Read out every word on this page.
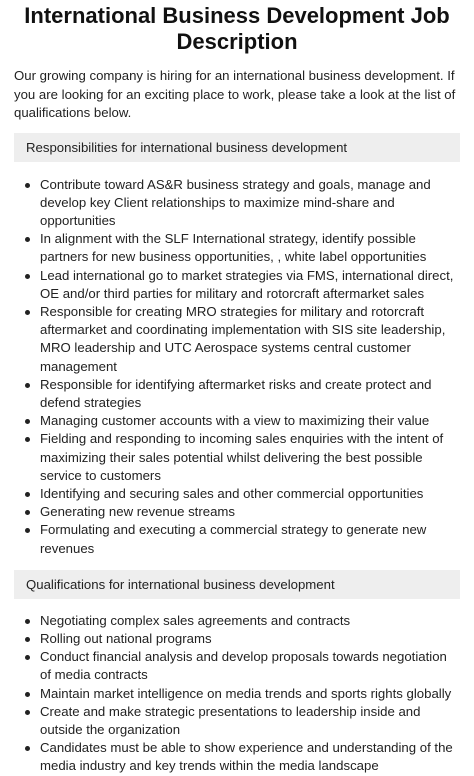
International Business Development Job Description

Our growing company is hiring for an international business development. If you are looking for an exciting place to work, please take a look at the list of qualifications below.

Responsibilities for international business development
Contribute toward AS&R business strategy and goals, manage and develop key Client relationships to maximize mind-share and opportunities
In alignment with the SLF International strategy, identify possible partners for new business opportunities, , white label opportunities
Lead international go to market strategies via FMS, international direct, OE and/or third parties for military and rotorcraft aftermarket sales
Responsible for creating MRO strategies for military and rotorcraft aftermarket and coordinating implementation with SIS site leadership, MRO leadership and UTC Aerospace systems central customer management
Responsible for identifying aftermarket risks and create protect and defend strategies
Managing customer accounts with a view to maximizing their value
Fielding and responding to incoming sales enquiries with the intent of maximizing their sales potential whilst delivering the best possible service to customers
Identifying and securing sales and other commercial opportunities
Generating new revenue streams
Formulating and executing a commercial strategy to generate new revenues
Qualifications for international business development
Negotiating complex sales agreements and contracts
Rolling out national programs
Conduct financial analysis and develop proposals towards negotiation of media contracts
Maintain market intelligence on media trends and sports rights globally
Create and make strategic presentations to leadership inside and outside the organization
Candidates must be able to show experience and understanding of the media industry and key trends within the media landscape
